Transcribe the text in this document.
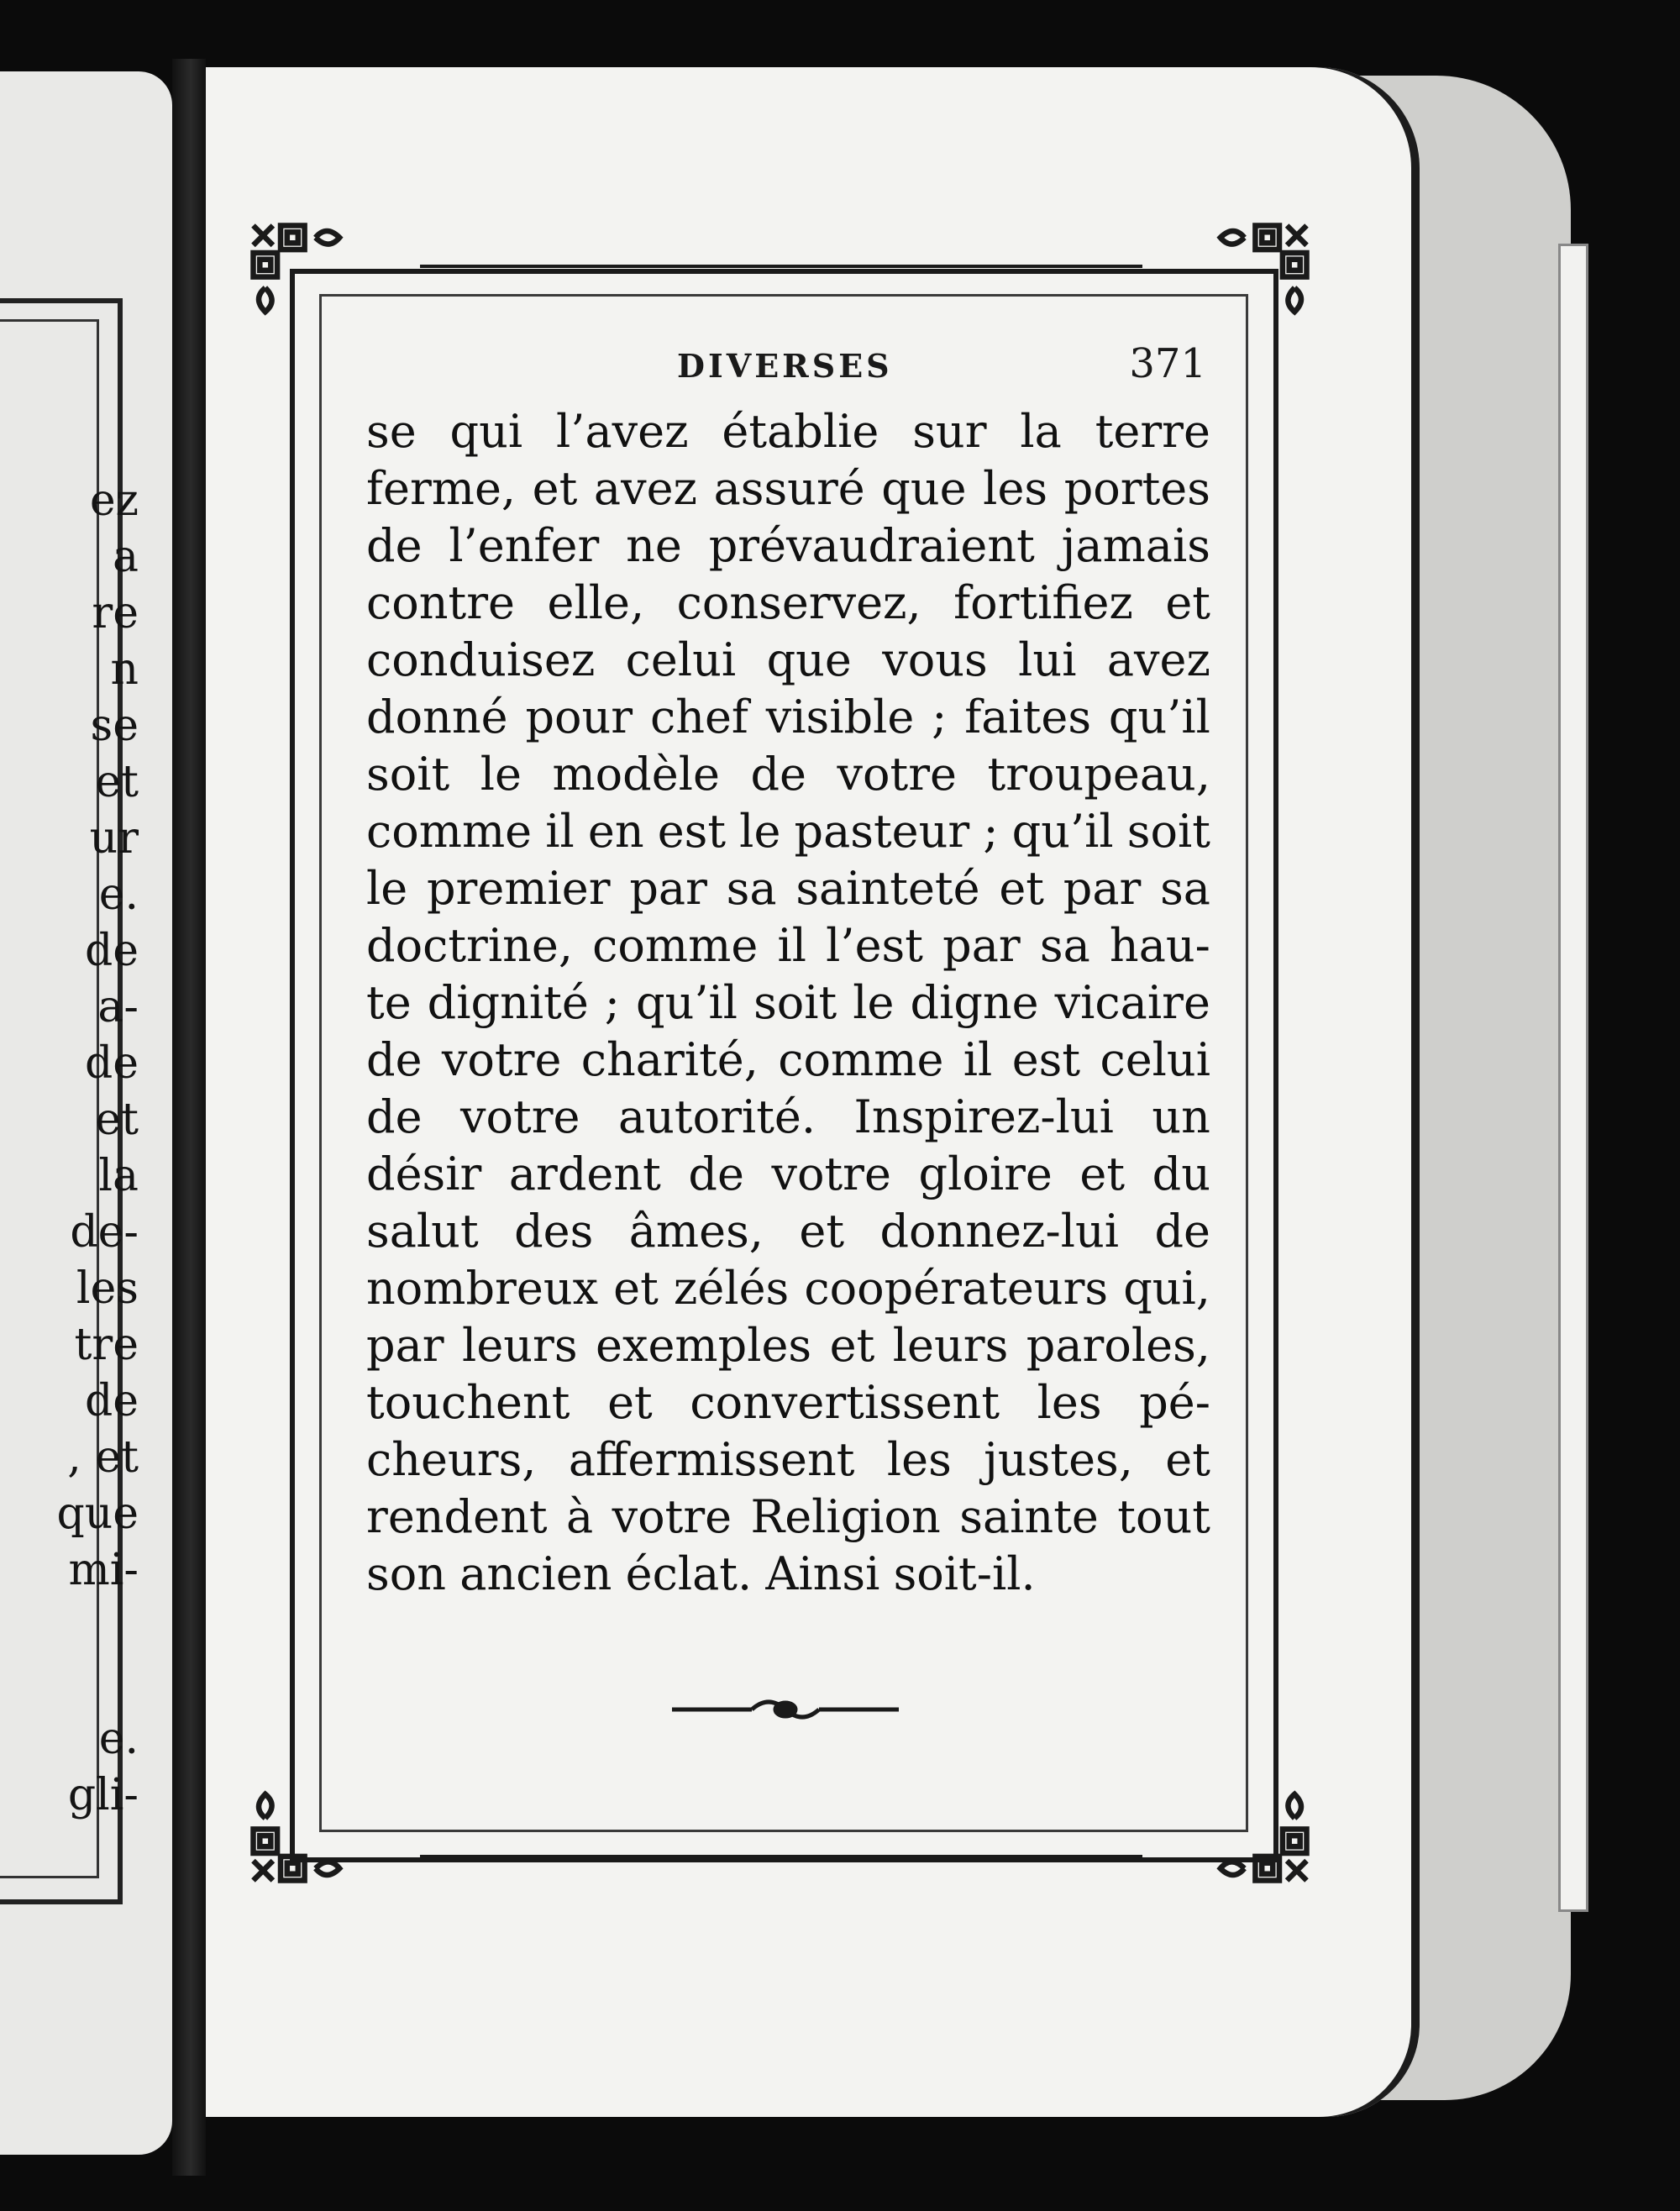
ez
a
re
n
se
et
ur
e.
de
a-
de
et
la
de-
les
tre
de
, et
que
mi-
e.
gli-
DIVERSES	371
se qui l’avez établie sur la terre
ferme, et avez assuré que les portes
de l’enfer ne prévaudraient jamais
contre elle, conservez, fortifiez et
conduisez celui que vous lui avez
donné pour chef visible ; faites qu’il
soit le modèle de votre troupeau,
comme il en est le pasteur ; qu’il soit
le premier par sa sainteté et par sa
doctrine, comme il l’est par sa hau-
te dignité ; qu’il soit le digne vicaire
de votre charité, comme il est celui
de votre autorité. Inspirez-lui un
désir ardent de votre gloire et du
salut des âmes, et donnez-lui de
nombreux et zélés coopérateurs qui,
par leurs exemples et leurs paroles,
touchent et convertissent les pé-
cheurs, affermissent les justes, et
rendent à votre Religion sainte tout
son ancien éclat. Ainsi soit-il.
